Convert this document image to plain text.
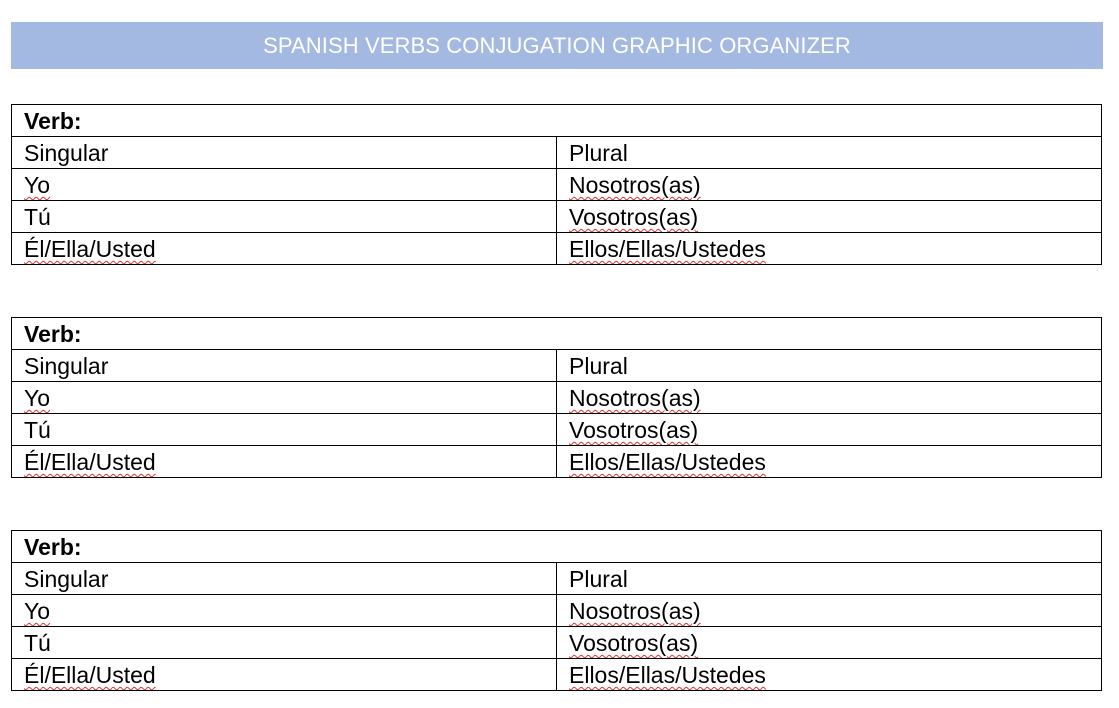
SPANISH VERBS CONJUGATION GRAPHIC ORGANIZER
Verb:	
Singular	Plural
Yo	Nosotros(as)
Tú	Vosotros(as)
Él/Ella/Usted	Ellos/Ellas/Ustedes
Verb:	
Singular	Plural
Yo	Nosotros(as)
Tú	Vosotros(as)
Él/Ella/Usted	Ellos/Ellas/Ustedes
Verb:	
Singular	Plural
Yo	Nosotros(as)
Tú	Vosotros(as)
Él/Ella/Usted	Ellos/Ellas/Ustedes
